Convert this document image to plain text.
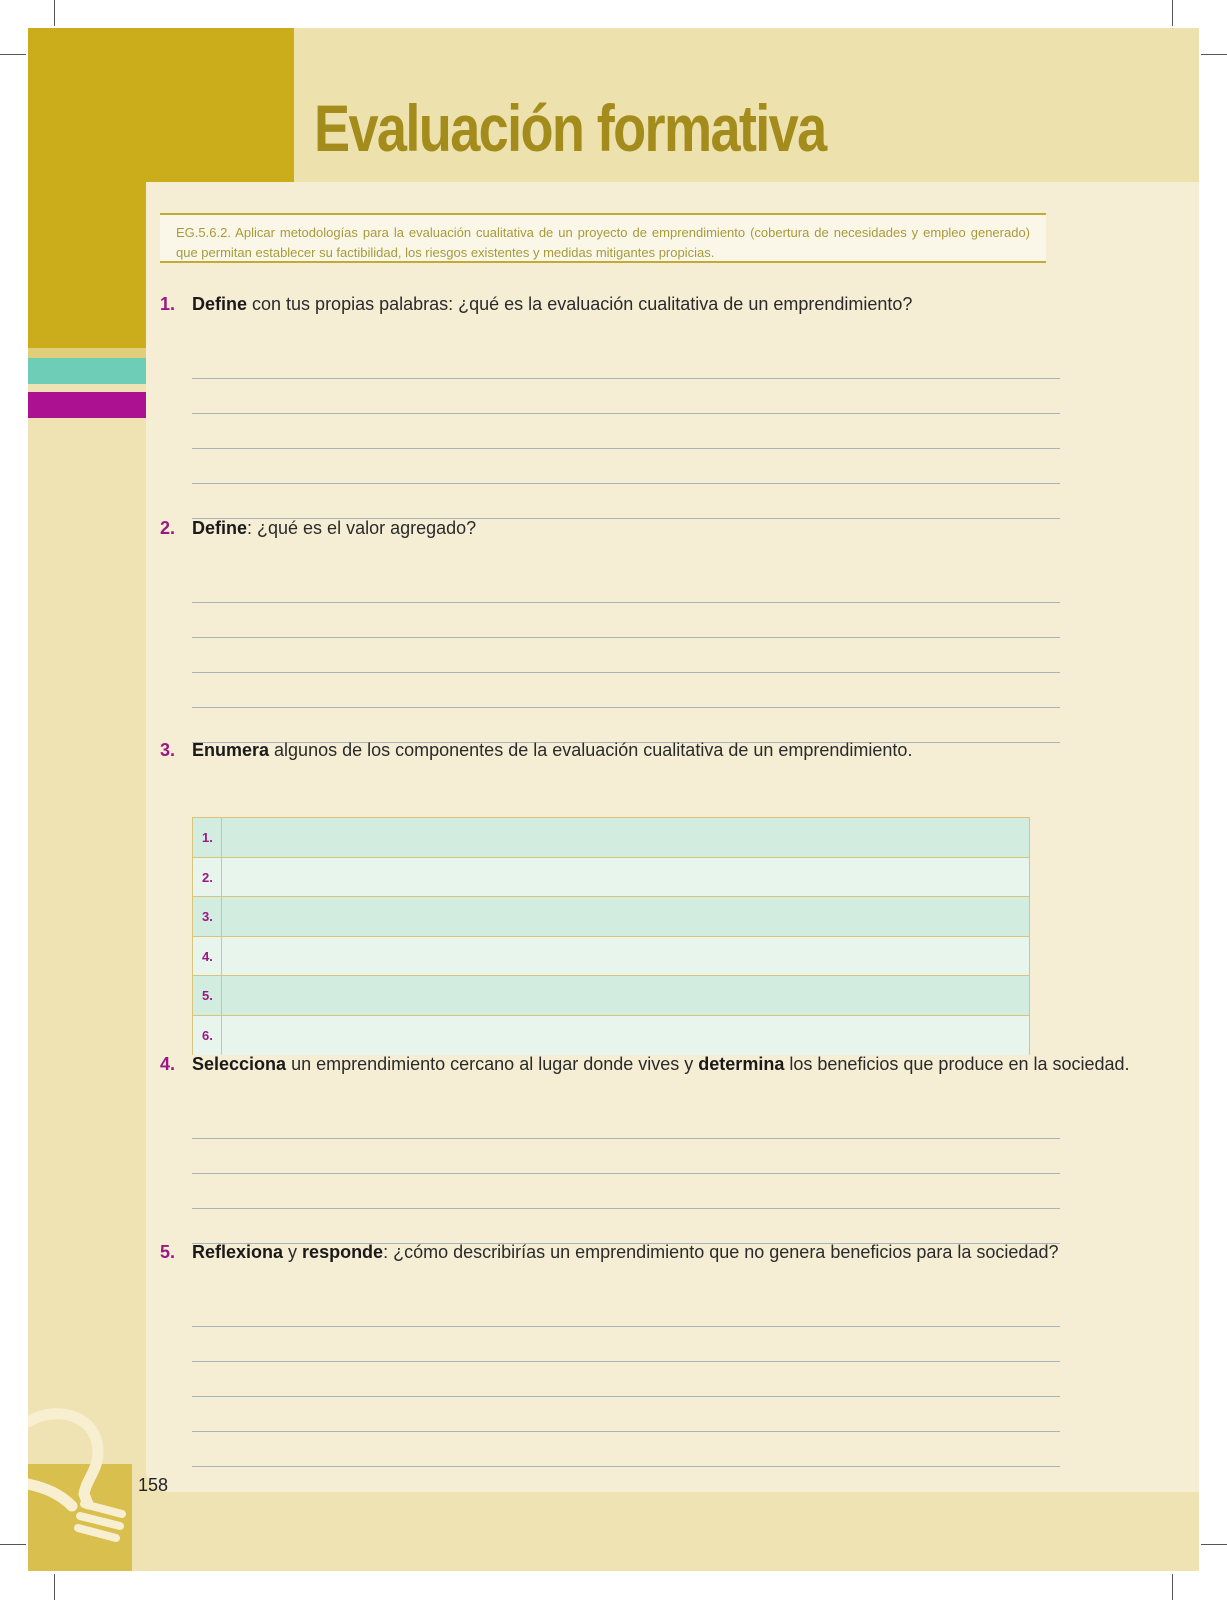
Evaluación formativa
EG.5.6.2. Aplicar metodologías para la evaluación cualitativa de un proyecto de emprendimiento (cobertura de necesidades y empleo generado) que permitan establecer su factibilidad, los riesgos existentes y medidas mitigantes propicias.

1. Define con tus propias palabras: ¿qué es la evaluación cualitativa de un emprendimiento?

2. Define: ¿qué es el valor agregado?

3. Enumera algunos de los componentes de la evaluación cualitativa de un emprendimiento.

1.
2.
3.
4.
5.
6.

4. Selecciona un emprendimiento cercano al lugar donde vives y determina los beneficios que produce en la sociedad.

5. Reflexiona y responde: ¿cómo describirías un emprendimiento que no genera beneficios para la sociedad?

158
